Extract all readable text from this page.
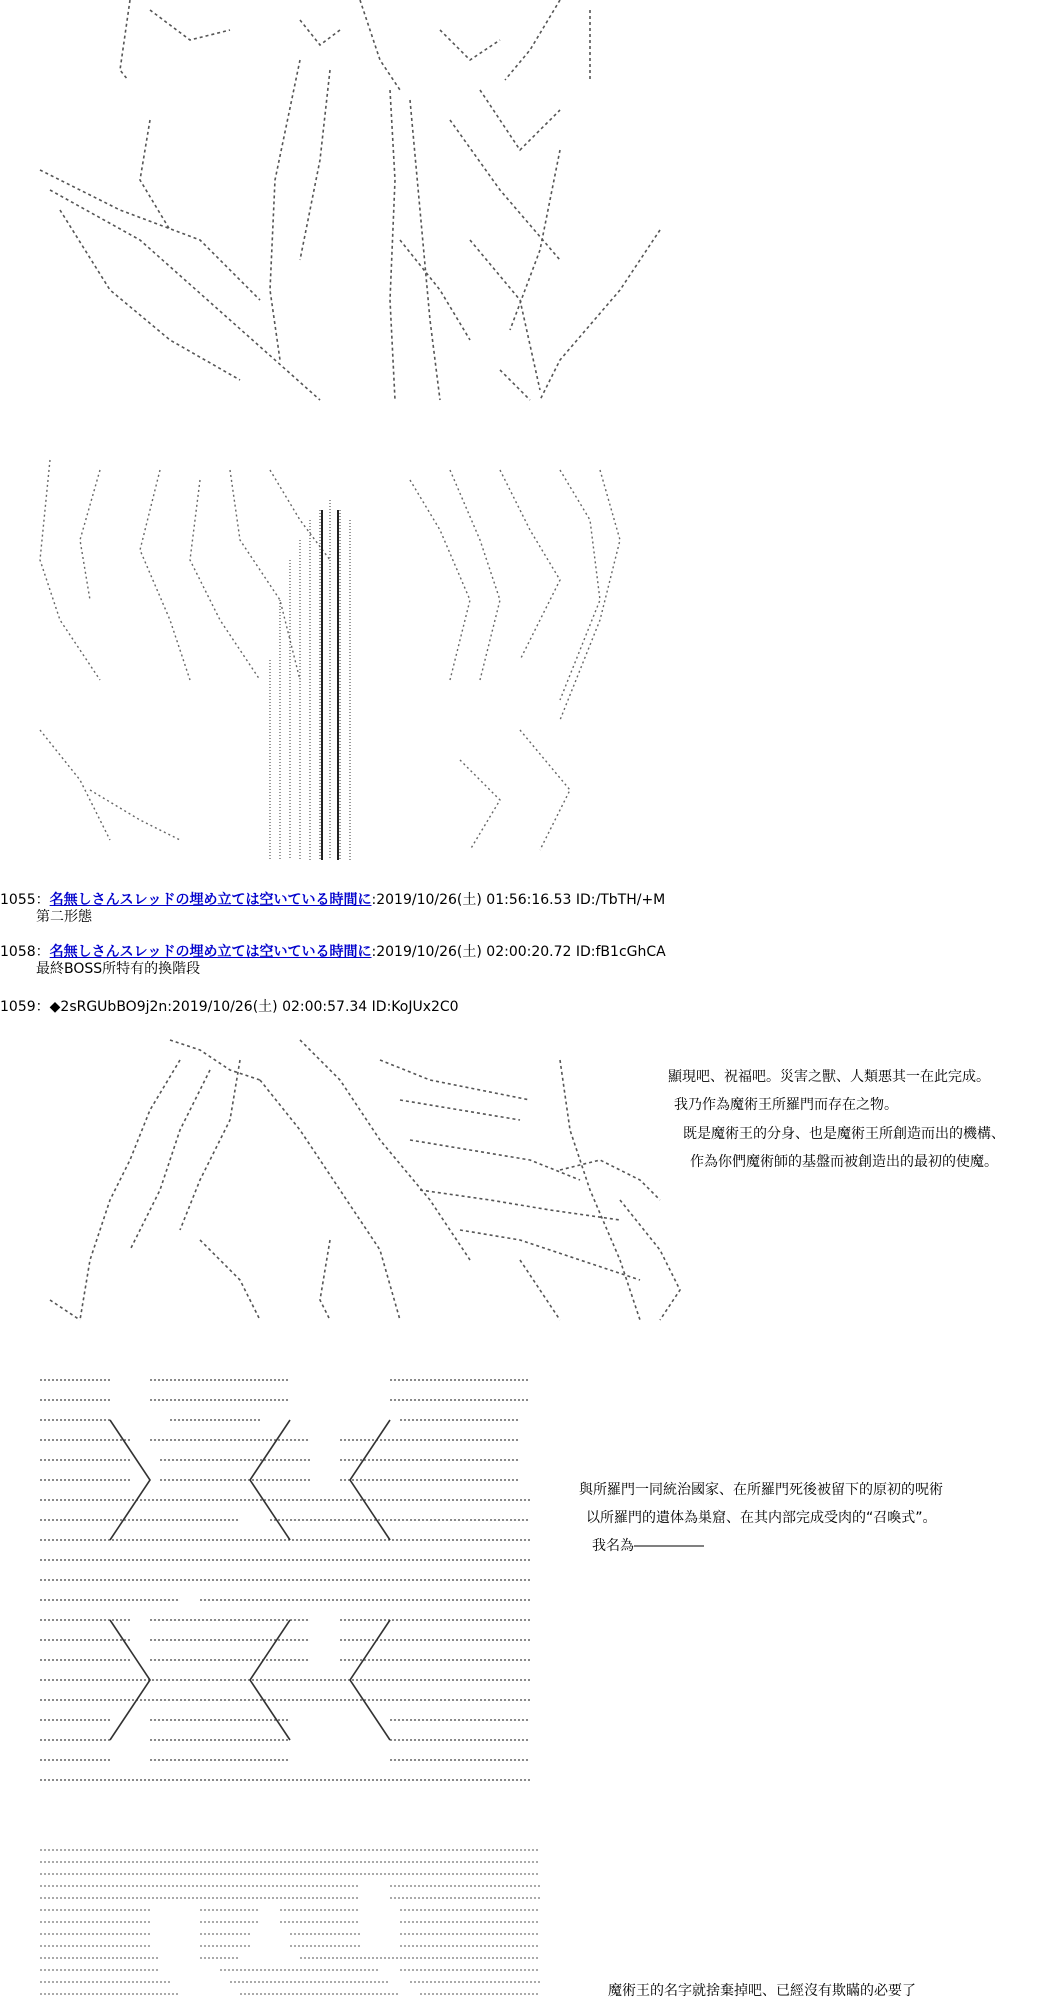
1055：名無しさんスレッドの埋め立ては空いている時間に:2019/10/26(土) 01:56:16.53 ID:/TbTH/+M
第二形態
1058：名無しさんスレッドの埋め立ては空いている時間に:2019/10/26(土) 02:00:20.72 ID:fB1cGhCA
最終BOSS所特有的換階段
1059：◆2sRGUbBO9j2n:2019/10/26(土) 02:00:57.34 ID:KoJUx2C0
顯現吧、祝福吧。災害之獸、人類悪其一在此完成。
我乃作為魔術王所羅門而存在之物。
既是魔術王的分身、也是魔術王所創造而出的機構、
作為你們魔術師的基盤而被創造出的最初的使魔。
與所羅門一同統治國家、在所羅門死後被留下的原初的呪術
以所羅門的遺体為巣窟、在其内部完成受肉的“召喚式”。
我名為―――――
魔術王的名字就捨棄掉吧、已經沒有欺瞞的必要了
